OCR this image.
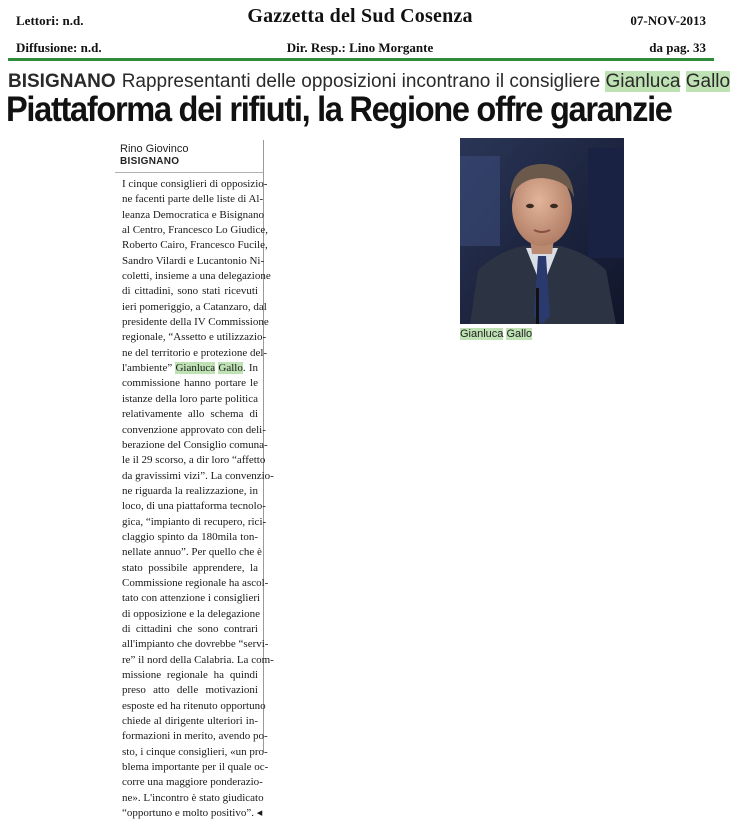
Lettori: n.d.
Diffusione: n.d.
Gazzetta del Sud Cosenza
Dir. Resp.: Lino Morgante
07-NOV-2013
da pag. 33
BISIGNANO Rappresentanti delle opposizioni incontrano il consigliere Gianluca Gallo
Piattaforma dei rifiuti, la Regione offre garanzie
Rino Giovinco
BISIGNANO
I cinque consiglieri di opposizio-
ne facenti parte delle liste di Al-
leanza Democratica e Bisignano
al Centro, Francesco Lo Giudice,
Roberto Cairo, Francesco Fucile,
Sandro Vilardi e Lucantonio Ni-
coletti, insieme a una delegazione
di cittadini, sono stati ricevuti
ieri pomeriggio, a Catanzaro, dal
presidente della IV Commissione
regionale, “Assetto e utilizzazio-
ne del territorio e protezione del-
l'ambiente” Gianluca Gallo. In
commissione hanno portare le
istanze della loro parte politica
relativamente allo schema di
convenzione approvato con deli-
berazione del Consiglio comuna-
le il 29 scorso, a dir loro “affetto
da gravissimi vizi”. La convenzio-
ne riguarda la realizzazione, in
loco, di una piattaforma tecnolo-
gica, “impianto di recupero, rici-
claggio spinto da 180mila ton-
nellate annuo”. Per quello che è
stato possibile apprendere, la
Commissione regionale ha ascol-
tato con attenzione i consiglieri
di opposizione e la delegazione
di cittadini che sono contrari
all'impianto che dovrebbe “servi-
re” il nord della Calabria. La com-
missione regionale ha quindi
preso atto delle motivazioni
esposte ed ha ritenuto opportuno
chiede al dirigente ulteriori in-
formazioni in merito, avendo po-
sto, i cinque consiglieri, «un pro-
blema importante per il quale oc-
corre una maggiore ponderazio-
ne». L'incontro è stato giudicato
“opportuno e molto positivo”. ◂
Gianluca Gallo
